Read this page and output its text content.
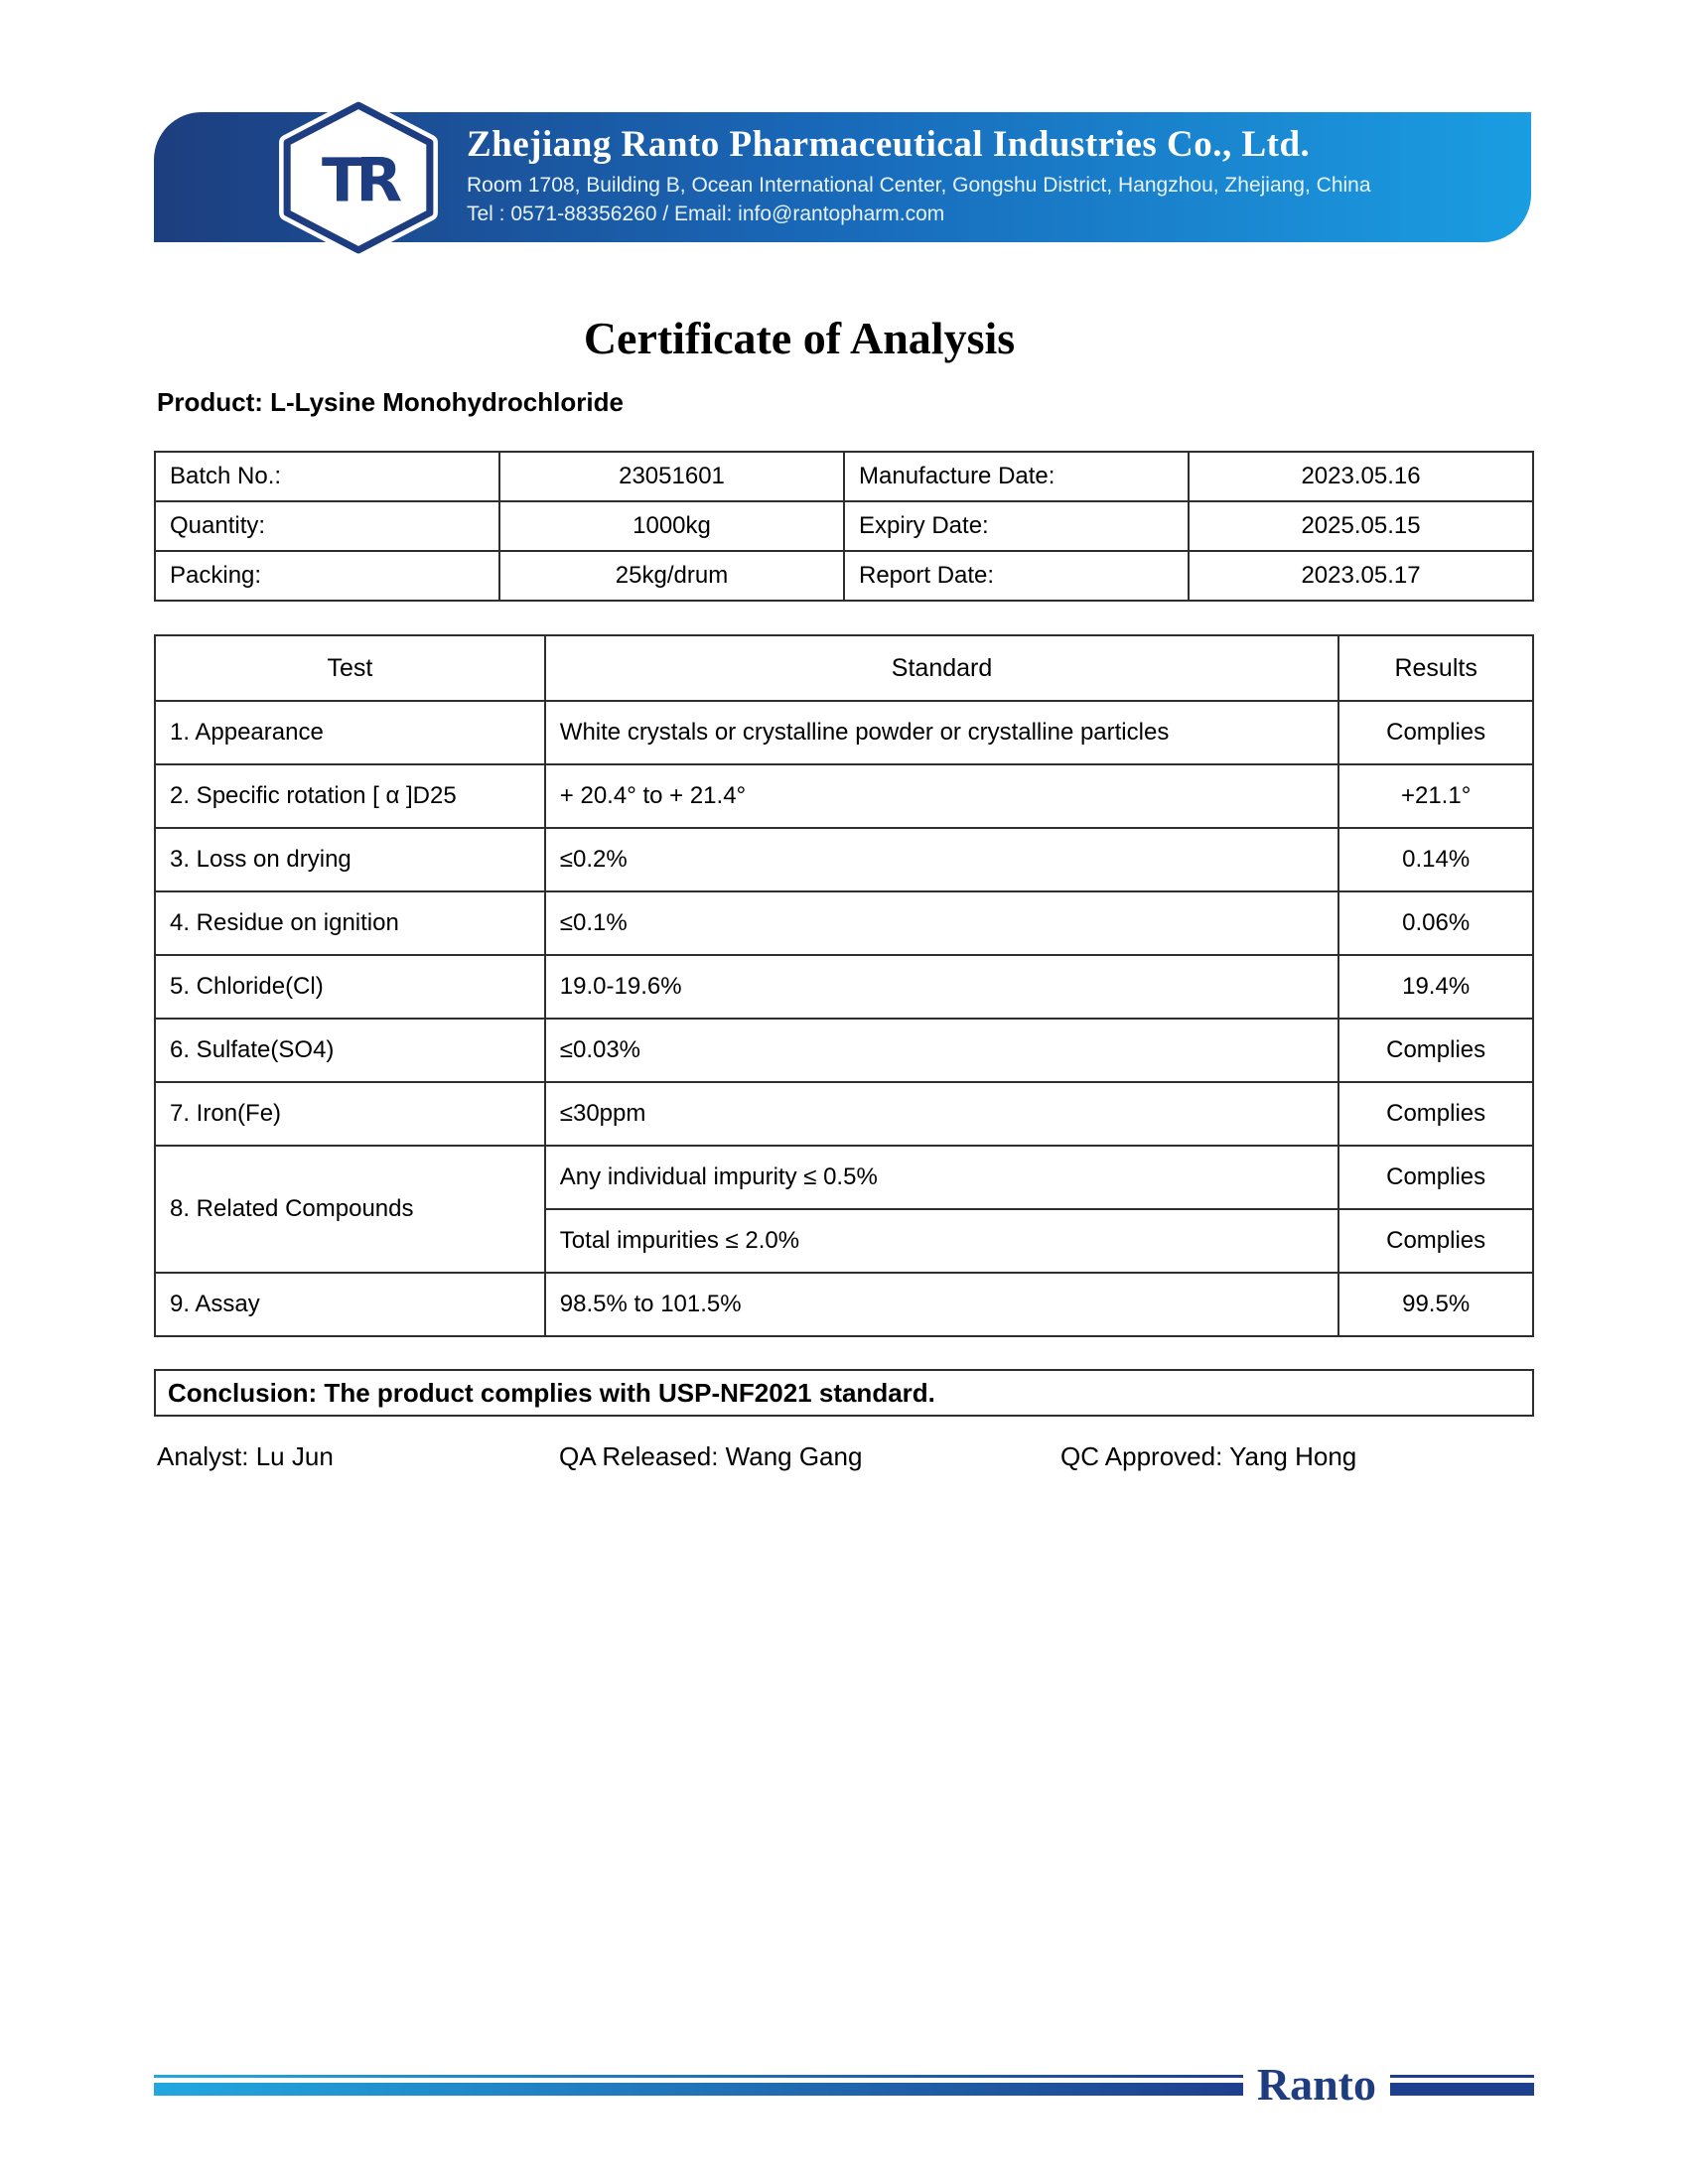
TR
Zhejiang Ranto Pharmaceutical Industries Co., Ltd.
Room 1708, Building B, Ocean International Center, Gongshu District, Hangzhou, Zhejiang, China
Tel : 0571-88356260 / Email: info@rantopharm.com
Certificate of Analysis
Product: L-Lysine Monohydrochloride
Batch No.:	23051601	Manufacture Date:	2023.05.16
Quantity:	1000kg	Expiry Date:	2025.05.15
Packing:	25kg/drum	Report Date:	2023.05.17
Test	Standard	Results
1. Appearance	White crystals or crystalline powder or crystalline particles	Complies
2. Specific rotation [ α ]D25	+ 20.4° to + 21.4°	+21.1°
3. Loss on drying	≤0.2%	0.14%
4. Residue on ignition	≤0.1%	0.06%
5. Chloride(Cl)	19.0-19.6%	19.4%
6. Sulfate(SO4)	≤0.03%	Complies
7. Iron(Fe)	≤30ppm	Complies
8. Related Compounds	Any individual impurity ≤ 0.5%	Complies
	Total impurities ≤ 2.0%	Complies
9. Assay	98.5% to 101.5%	99.5%
Conclusion: The product complies with USP-NF2021 standard.
Analyst: Lu Jun	QA Released: Wang Gang	QC Approved: Yang Hong
Ranto
